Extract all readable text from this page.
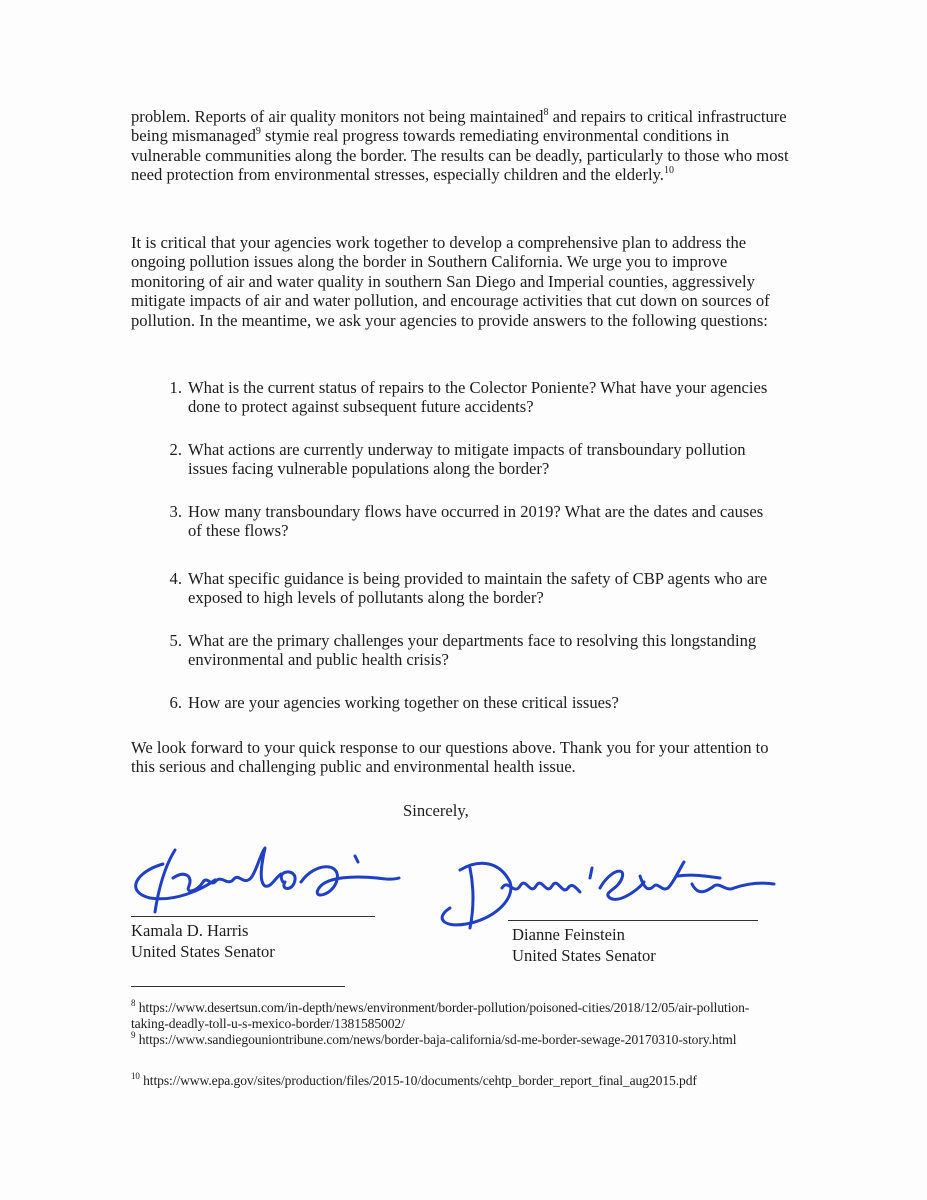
problem. Reports of air quality monitors not being maintained$^8$ and repairs to critical infrastructure being mismanaged$^9$ stymie real progress towards remediating environmental conditions in vulnerable communities along the border. The results can be deadly, particularly to those who most need protection from environmental stresses, especially children and the elderly.$^{10}$

It is critical that your agencies work together to develop a comprehensive plan to address the ongoing pollution issues along the border in Southern California. We urge you to improve monitoring of air and water quality in southern San Diego and Imperial counties, aggressively mitigate impacts of air and water pollution, and encourage activities that cut down on sources of pollution. In the meantime, we ask your agencies to provide answers to the following questions:

1. What is the current status of repairs to the Colector Poniente? What have your agencies done to protect against subsequent future accidents?

2. What actions are currently underway to mitigate impacts of transboundary pollution issues facing vulnerable populations along the border?

3. How many transboundary flows have occurred in 2019? What are the dates and causes of these flows?

4. What specific guidance is being provided to maintain the safety of CBP agents who are exposed to high levels of pollutants along the border?

5. What are the primary challenges your departments face to resolving this longstanding environmental and public health crisis?

6. How are your agencies working together on these critical issues?

We look forward to your quick response to our questions above. Thank you for your attention to this serious and challenging public and environmental health issue.

Sincerely,
Kamala D. Harris
United States Senator
Dianne Feinstein
United States Senator

$^8$ https://www.desertsun.com/in-depth/news/environment/border-pollution/poisoned-cities/2018/12/05/air-pollution-taking-deadly-toll-u-s-mexico-border/1381585002/

$^9$ https://www.sandiegouniontribune.com/news/border-baja-california/sd-me-border-sewage-20170310-story.html

$^{10}$ https://www.epa.gov/sites/production/files/2015-10/documents/cehtp_border_report_final_aug2015.pdf
